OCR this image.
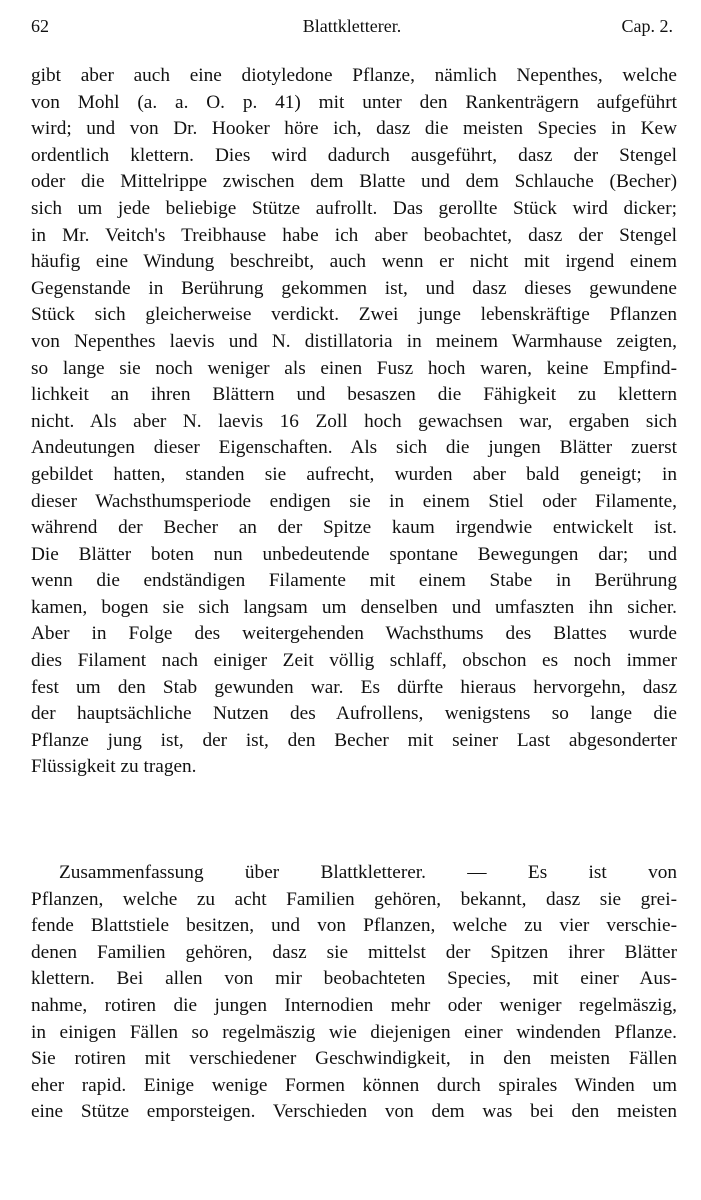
62	Blattkletterer.	Cap. 2.
gibt aber auch eine diotyledone Pflanze, nämlich Nepenthes, welche
von Mohl (a. a. O. p. 41) mit unter den Rankenträgern aufgeführt
wird; und von Dr. Hooker höre ich, dasz die meisten Species in Kew
ordentlich klettern. Dies wird dadurch ausgeführt, dasz der Stengel
oder die Mittelrippe zwischen dem Blatte und dem Schlauche (Becher)
sich um jede beliebige Stütze aufrollt. Das gerollte Stück wird dicker;
in Mr. Veitch's Treibhause habe ich aber beobachtet, dasz der Stengel
häufig eine Windung beschreibt, auch wenn er nicht mit irgend einem
Gegenstande in Berührung gekommen ist, und dasz dieses gewundene
Stück sich gleicherweise verdickt. Zwei junge lebenskräftige Pflanzen
von Nepenthes laevis und N. distillatoria in meinem Warmhause zeigten,
so lange sie noch weniger als einen Fusz hoch waren, keine Empfind-
lichkeit an ihren Blättern und besaszen die Fähigkeit zu klettern
nicht. Als aber N. laevis 16 Zoll hoch gewachsen war, ergaben sich
Andeutungen dieser Eigenschaften. Als sich die jungen Blätter zuerst
gebildet hatten, standen sie aufrecht, wurden aber bald geneigt; in
dieser Wachsthumsperiode endigen sie in einem Stiel oder Filamente,
während der Becher an der Spitze kaum irgendwie entwickelt ist.
Die Blätter boten nun unbedeutende spontane Bewegungen dar; und
wenn die endständigen Filamente mit einem Stabe in Berührung
kamen, bogen sie sich langsam um denselben und umfaszten ihn sicher.
Aber in Folge des weitergehenden Wachsthums des Blattes wurde
dies Filament nach einiger Zeit völlig schlaff, obschon es noch immer
fest um den Stab gewunden war. Es dürfte hieraus hervorgehn, dasz
der hauptsächliche Nutzen des Aufrollens, wenigstens so lange die
Pflanze jung ist, der ist, den Becher mit seiner Last abgesonderter
Flüssigkeit zu tragen.
Zusammenfassung über Blattkletterer. — Es ist von
Pflanzen, welche zu acht Familien gehören, bekannt, dasz sie grei-
fende Blattstiele besitzen, und von Pflanzen, welche zu vier verschie-
denen Familien gehören, dasz sie mittelst der Spitzen ihrer Blätter
klettern. Bei allen von mir beobachteten Species, mit einer Aus-
nahme, rotiren die jungen Internodien mehr oder weniger regelmäszig,
in einigen Fällen so regelmäszig wie diejenigen einer windenden Pflanze.
Sie rotiren mit verschiedener Geschwindigkeit, in den meisten Fällen
eher rapid. Einige wenige Formen können durch spirales Winden um
eine Stütze emporsteigen. Verschieden von dem was bei den meisten
